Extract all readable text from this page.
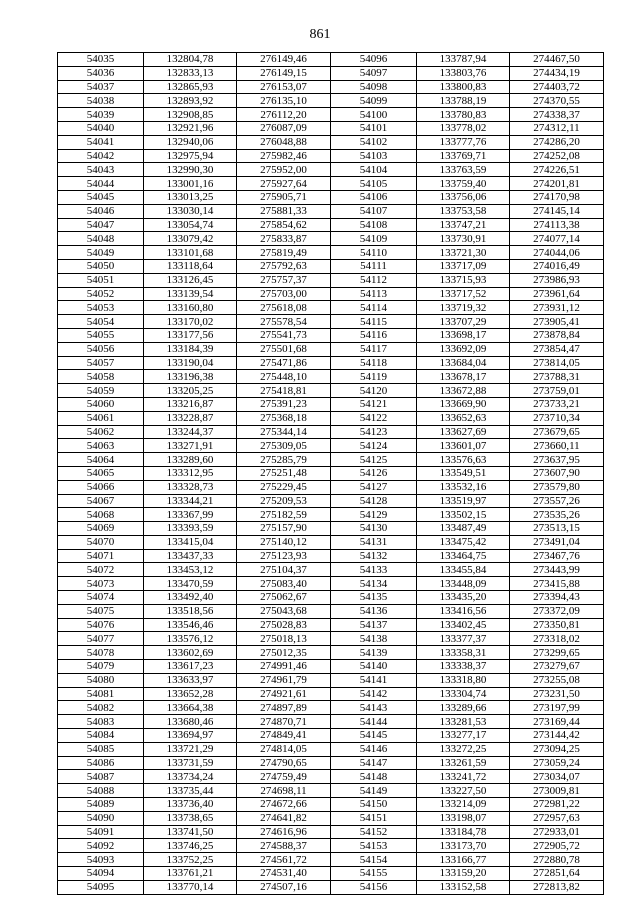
861
54035	132804,78	276149,46	54096	133787,94	274467,50
54036	132833,13	276149,15	54097	133803,76	274434,19
54037	132865,93	276153,07	54098	133800,83	274403,72
54038	132893,92	276135,10	54099	133788,19	274370,55
54039	132908,85	276112,20	54100	133780,83	274338,37
54040	132921,96	276087,09	54101	133778,02	274312,11
54041	132940,06	276048,88	54102	133777,76	274286,20
54042	132975,94	275982,46	54103	133769,71	274252,08
54043	132990,30	275952,00	54104	133763,59	274226,51
54044	133001,16	275927,64	54105	133759,40	274201,81
54045	133013,25	275905,71	54106	133756,06	274170,98
54046	133030,14	275881,33	54107	133753,58	274145,14
54047	133054,74	275854,62	54108	133747,21	274113,38
54048	133079,42	275833,87	54109	133730,91	274077,14
54049	133101,68	275819,49	54110	133721,30	274044,06
54050	133118,64	275792,63	54111	133717,09	274016,49
54051	133126,45	275757,37	54112	133715,93	273986,93
54052	133139,54	275703,00	54113	133717,52	273961,64
54053	133160,80	275618,08	54114	133719,32	273931,12
54054	133170,02	275578,54	54115	133707,29	273905,41
54055	133177,56	275541,73	54116	133698,17	273878,84
54056	133184,39	275501,68	54117	133692,09	273854,47
54057	133190,04	275471,86	54118	133684,04	273814,05
54058	133196,38	275448,10	54119	133678,17	273788,31
54059	133205,25	275418,81	54120	133672,88	273759,01
54060	133216,87	275391,23	54121	133669,90	273733,21
54061	133228,87	275368,18	54122	133652,63	273710,34
54062	133244,37	275344,14	54123	133627,69	273679,65
54063	133271,91	275309,05	54124	133601,07	273660,11
54064	133289,60	275285,79	54125	133576,63	273637,95
54065	133312,95	275251,48	54126	133549,51	273607,90
54066	133328,73	275229,45	54127	133532,16	273579,80
54067	133344,21	275209,53	54128	133519,97	273557,26
54068	133367,99	275182,59	54129	133502,15	273535,26
54069	133393,59	275157,90	54130	133487,49	273513,15
54070	133415,04	275140,12	54131	133475,42	273491,04
54071	133437,33	275123,93	54132	133464,75	273467,76
54072	133453,12	275104,37	54133	133455,84	273443,99
54073	133470,59	275083,40	54134	133448,09	273415,88
54074	133492,40	275062,67	54135	133435,20	273394,43
54075	133518,56	275043,68	54136	133416,56	273372,09
54076	133546,46	275028,83	54137	133402,45	273350,81
54077	133576,12	275018,13	54138	133377,37	273318,02
54078	133602,69	275012,35	54139	133358,31	273299,65
54079	133617,23	274991,46	54140	133338,37	273279,67
54080	133633,97	274961,79	54141	133318,80	273255,08
54081	133652,28	274921,61	54142	133304,74	273231,50
54082	133664,38	274897,89	54143	133289,66	273197,99
54083	133680,46	274870,71	54144	133281,53	273169,44
54084	133694,97	274849,41	54145	133277,17	273144,42
54085	133721,29	274814,05	54146	133272,25	273094,25
54086	133731,59	274790,65	54147	133261,59	273059,24
54087	133734,24	274759,49	54148	133241,72	273034,07
54088	133735,44	274698,11	54149	133227,50	273009,81
54089	133736,40	274672,66	54150	133214,09	272981,22
54090	133738,65	274641,82	54151	133198,07	272957,63
54091	133741,50	274616,96	54152	133184,78	272933,01
54092	133746,25	274588,37	54153	133173,70	272905,72
54093	133752,25	274561,72	54154	133166,77	272880,78
54094	133761,21	274531,40	54155	133159,20	272851,64
54095	133770,14	274507,16	54156	133152,58	272813,82
